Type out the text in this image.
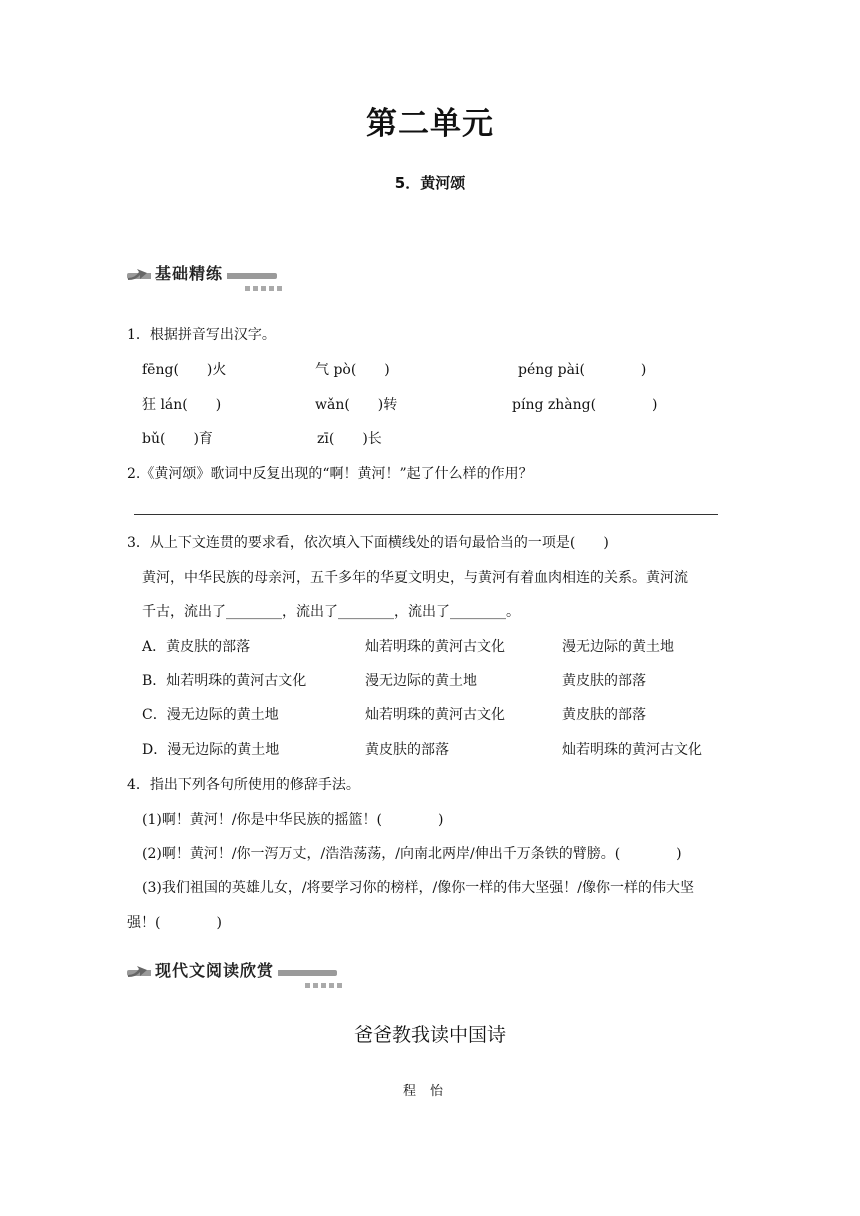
第二单元
5．黄河颂
基础精练
1．根据拼音写出汉字。
fēng(　　)火	气 pò(　　)	péng pài(　　　　)
狂 lán(　　)	wǎn(　　)转	píng zhàng(　　　　)
bǔ(　　)育	zī(　　)长
2.《黄河颂》歌词中反复出现的“啊！黄河！”起了什么样的作用？
3．从上下文连贯的要求看，依次填入下面横线处的语句最恰当的一项是(　　)
黄河，中华民族的母亲河，五千多年的华夏文明史，与黄河有着血肉相连的关系。黄河流
千古，流出了________，流出了________，流出了________。
A．黄皮肤的部落	灿若明珠的黄河古文化	漫无边际的黄土地
B．灿若明珠的黄河古文化	漫无边际的黄土地	黄皮肤的部落
C．漫无边际的黄土地	灿若明珠的黄河古文化	黄皮肤的部落
D．漫无边际的黄土地	黄皮肤的部落	灿若明珠的黄河古文化
4．指出下列各句所使用的修辞手法。
(1)啊！黄河！/你是中华民族的摇篮！(　　　　)
(2)啊！黄河！/你一泻万丈，/浩浩荡荡，/向南北两岸/伸出千万条铁的臂膀。(　　　　)
(3)我们祖国的英雄儿女，/将要学习你的榜样，/像你一样的伟大坚强！/像你一样的伟大坚
强！(　　　　)
现代文阅读欣赏
爸爸教我读中国诗
程怡
